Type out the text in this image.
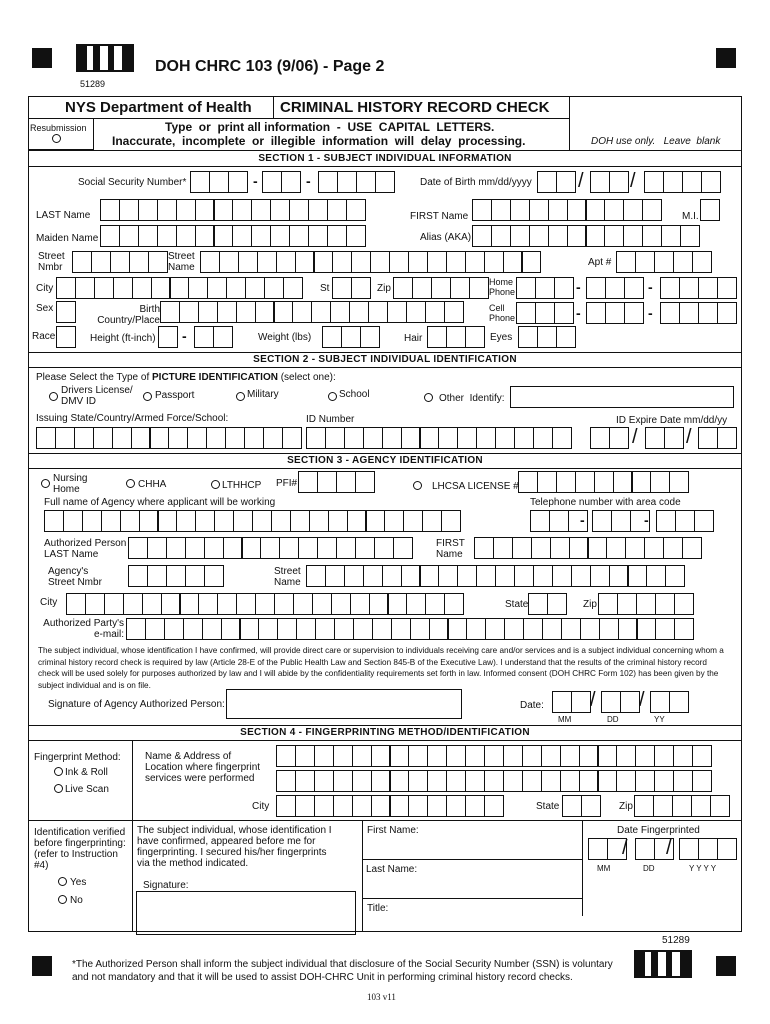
DOH CHRC 103 (9/06) - Page 2
51289
NYS Department of Health CRIMINAL HISTORY RECORD CHECK
Resubmission	Type  or  print all information  -  USE  CAPITAL  LETTERS.
Inaccurate,  incomplete  or  illegible  information  will  delay  processing.	DOH use only.   Leave  blank
SECTION 1 - SUBJECT INDIVIDUAL INFORMATION
Social Security Number*	-	-	Date of Birth mm/dd/yyyy / /
LAST Name	FIRST Name	M.I.
Maiden Name	Alias (AKA)
Street Nmbr
Street Name	Apt #
City	St	Zip
Home Phone	-	-
Sex	Birth Country/Place
Cell Phone	-	-
Race	Height (ft-inch) -	Weight (lbs)	Hair	Eyes
SECTION 2 - SUBJECT INDIVIDUAL IDENTIFICATION
Please Select the Type of PICTURE IDENTIFICATION (select one):
Drivers License/ DMV ID
Passport	Military	School	Other  Identify:
Issuing State/Country/Armed Force/School:	ID Number	ID Expire Date mm/dd/yy
/ /
SECTION 3 - AGENCY IDENTIFICATION
Nursing Home	CHHA	LTHHCP PFI#	LHCSA LICENSE #
Full name of Agency where applicant will be working	Telephone number with area code
-	-
Authorized Person LAST Name
FIRST Name
Agency's Street Nmbr
Street Name
City	State	Zip
Authorized Party's e-mail:
The subject individual, whose identification I have confirmed, will provide direct care or supervision to individuals receiving care and/or services and is a subject individual concerning whom a criminal history record check is required by law (Article 28-E of the Public Health Law and Section 845-B of the Executive Law). I understand that the results of the criminal history record check will be used solely for purposes authorized by law and I will abide by the confidentiality requirements set forth in law. Informed consent (DOH CHRC Form 102) has been given by the subject individual and is on file.
Signature of Agency Authorized Person:	Date: / /
MM	DD	YY
SECTION 4 - FINGERPRINTING METHOD/IDENTIFICATION
Fingerprint Method:
Ink & Roll
Live Scan
Name & Address of Location where fingerprint services were performed
City	State	Zip
Identification verified before fingerprinting: (refer to Instruction #4)
Yes
No
The subject individual, whose identification I have confirmed, appeared before me for fingerprinting. I secured his/her fingerprints via the method indicated.
Signature:
First Name:
Last Name:
Title:
Date Fingerprinted
/ /
MM	DD	Y Y Y Y
51289
*The Authorized Person shall inform the subject individual that disclosure of the Social Security Number (SSN) is voluntary and not mandatory and that it will be used to assist DOH-CHRC Unit in performing criminal history record checks.
103 v11
